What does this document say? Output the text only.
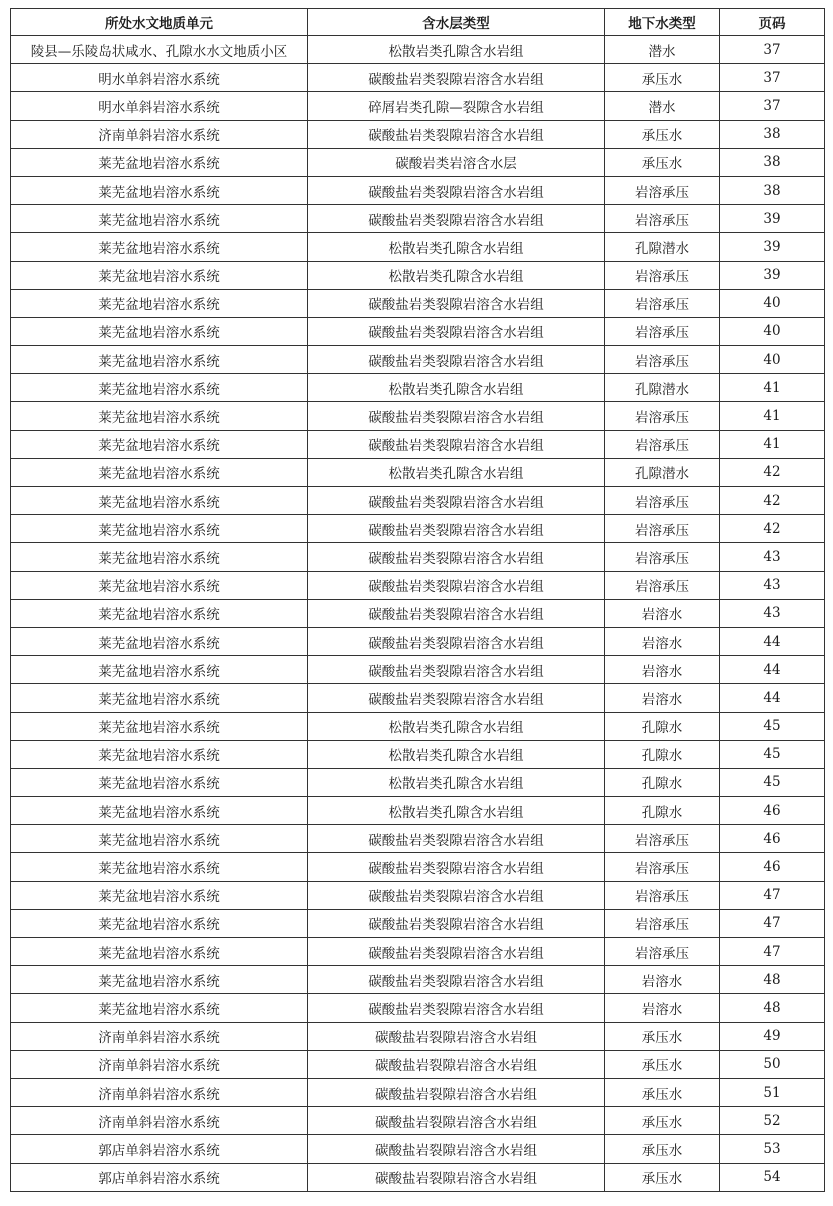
所处水文地质单元	含水层类型	地下水类型	页码
陵县—乐陵岛状咸水、孔隙水水文地质小区	松散岩类孔隙含水岩组	潜水	37
明水单斜岩溶水系统	碳酸盐岩类裂隙岩溶含水岩组	承压水	37
明水单斜岩溶水系统	碎屑岩类孔隙—裂隙含水岩组	潜水	37
济南单斜岩溶水系统	碳酸盐岩类裂隙岩溶含水岩组	承压水	38
莱芜盆地岩溶水系统	碳酸岩类岩溶含水层	承压水	38
莱芜盆地岩溶水系统	碳酸盐岩类裂隙岩溶含水岩组	岩溶承压	38
莱芜盆地岩溶水系统	碳酸盐岩类裂隙岩溶含水岩组	岩溶承压	39
莱芜盆地岩溶水系统	松散岩类孔隙含水岩组	孔隙潜水	39
莱芜盆地岩溶水系统	松散岩类孔隙含水岩组	岩溶承压	39
莱芜盆地岩溶水系统	碳酸盐岩类裂隙岩溶含水岩组	岩溶承压	40
莱芜盆地岩溶水系统	碳酸盐岩类裂隙岩溶含水岩组	岩溶承压	40
莱芜盆地岩溶水系统	碳酸盐岩类裂隙岩溶含水岩组	岩溶承压	40
莱芜盆地岩溶水系统	松散岩类孔隙含水岩组	孔隙潜水	41
莱芜盆地岩溶水系统	碳酸盐岩类裂隙岩溶含水岩组	岩溶承压	41
莱芜盆地岩溶水系统	碳酸盐岩类裂隙岩溶含水岩组	岩溶承压	41
莱芜盆地岩溶水系统	松散岩类孔隙含水岩组	孔隙潜水	42
莱芜盆地岩溶水系统	碳酸盐岩类裂隙岩溶含水岩组	岩溶承压	42
莱芜盆地岩溶水系统	碳酸盐岩类裂隙岩溶含水岩组	岩溶承压	42
莱芜盆地岩溶水系统	碳酸盐岩类裂隙岩溶含水岩组	岩溶承压	43
莱芜盆地岩溶水系统	碳酸盐岩类裂隙岩溶含水岩组	岩溶承压	43
莱芜盆地岩溶水系统	碳酸盐岩类裂隙岩溶含水岩组	岩溶水	43
莱芜盆地岩溶水系统	碳酸盐岩类裂隙岩溶含水岩组	岩溶水	44
莱芜盆地岩溶水系统	碳酸盐岩类裂隙岩溶含水岩组	岩溶水	44
莱芜盆地岩溶水系统	碳酸盐岩类裂隙岩溶含水岩组	岩溶水	44
莱芜盆地岩溶水系统	松散岩类孔隙含水岩组	孔隙水	45
莱芜盆地岩溶水系统	松散岩类孔隙含水岩组	孔隙水	45
莱芜盆地岩溶水系统	松散岩类孔隙含水岩组	孔隙水	45
莱芜盆地岩溶水系统	松散岩类孔隙含水岩组	孔隙水	46
莱芜盆地岩溶水系统	碳酸盐岩类裂隙岩溶含水岩组	岩溶承压	46
莱芜盆地岩溶水系统	碳酸盐岩类裂隙岩溶含水岩组	岩溶承压	46
莱芜盆地岩溶水系统	碳酸盐岩类裂隙岩溶含水岩组	岩溶承压	47
莱芜盆地岩溶水系统	碳酸盐岩类裂隙岩溶含水岩组	岩溶承压	47
莱芜盆地岩溶水系统	碳酸盐岩类裂隙岩溶含水岩组	岩溶承压	47
莱芜盆地岩溶水系统	碳酸盐岩类裂隙岩溶含水岩组	岩溶水	48
莱芜盆地岩溶水系统	碳酸盐岩类裂隙岩溶含水岩组	岩溶水	48
济南单斜岩溶水系统	碳酸盐岩裂隙岩溶含水岩组	承压水	49
济南单斜岩溶水系统	碳酸盐岩裂隙岩溶含水岩组	承压水	50
济南单斜岩溶水系统	碳酸盐岩裂隙岩溶含水岩组	承压水	51
济南单斜岩溶水系统	碳酸盐岩裂隙岩溶含水岩组	承压水	52
郭店单斜岩溶水系统	碳酸盐岩裂隙岩溶含水岩组	承压水	53
郭店单斜岩溶水系统	碳酸盐岩裂隙岩溶含水岩组	承压水	54
